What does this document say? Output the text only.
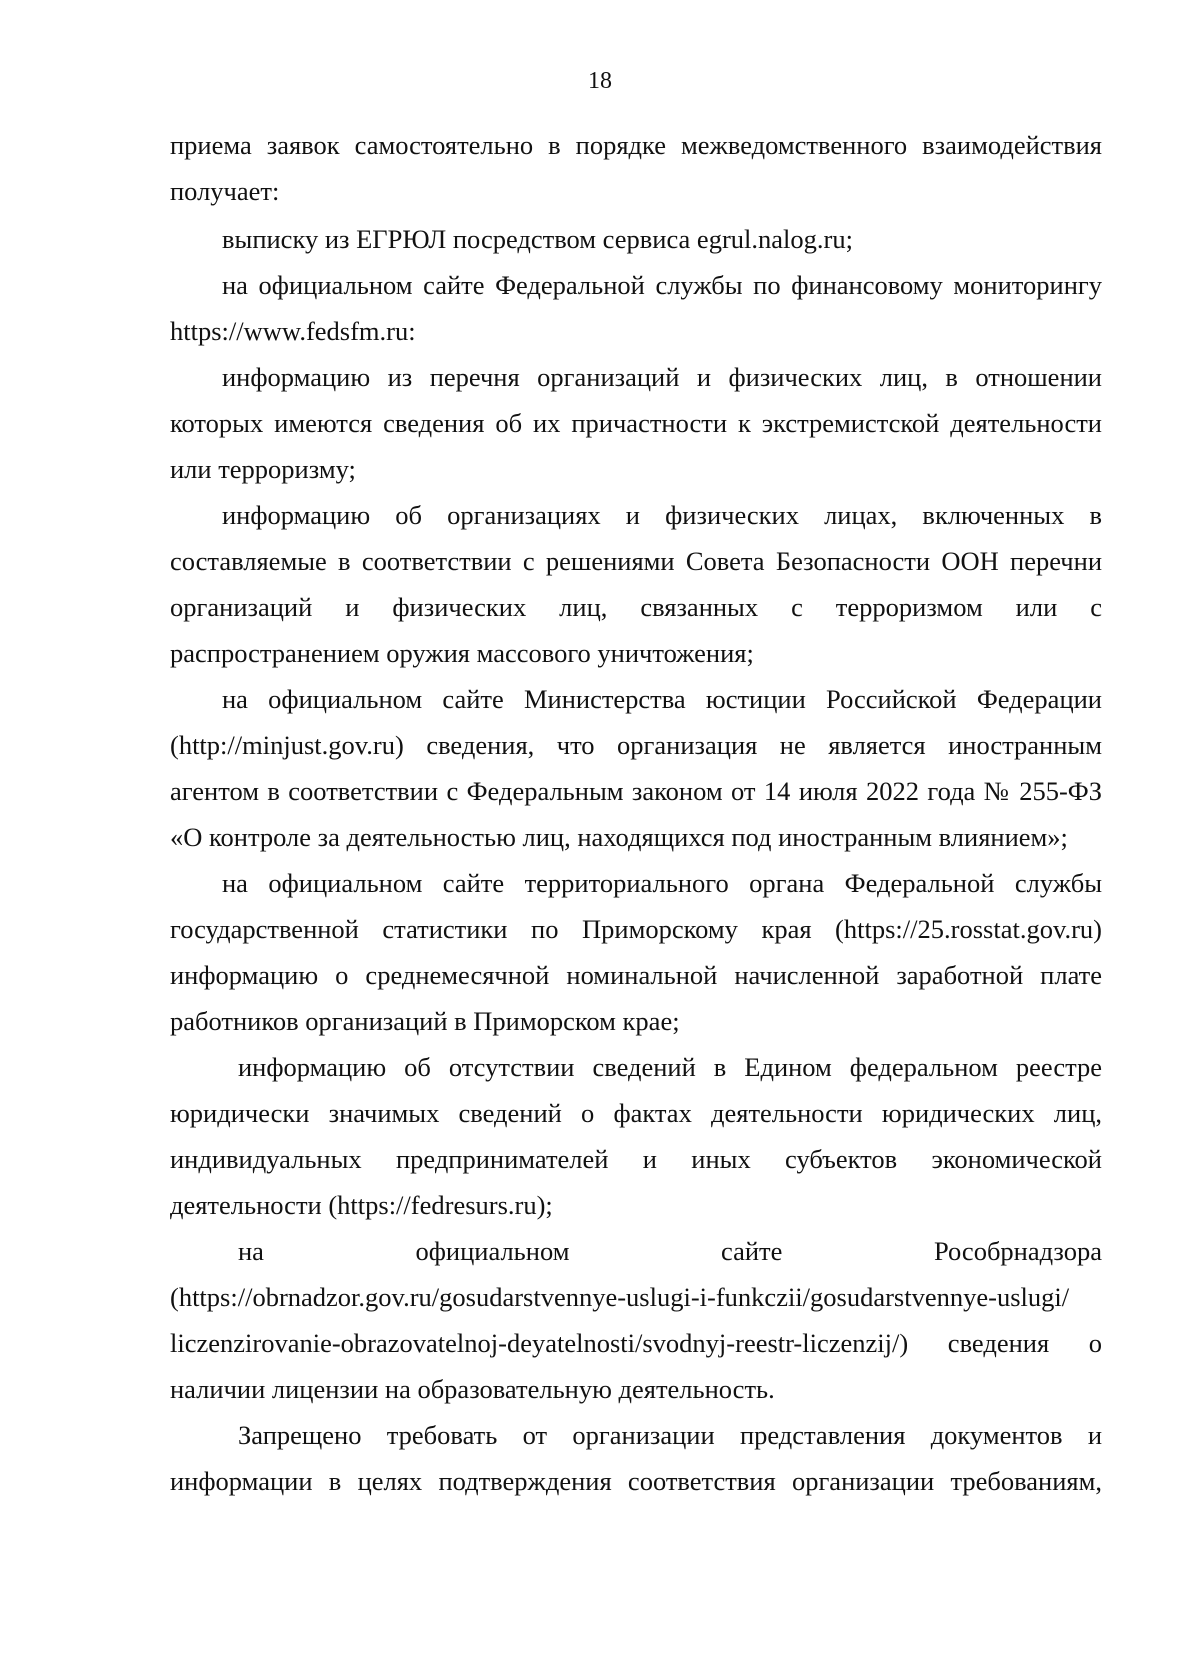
18
приема заявок самостоятельно в порядке межведомственного взаимодействия
получает:
выписку из ЕГРЮЛ посредством сервиса egrul.nalog.ru;
на официальном сайте Федеральной службы по финансовому мониторингу
https://www.fedsfm.ru:
информацию из перечня организаций и физических лиц, в отношении
которых имеются сведения об их причастности к экстремистской деятельности
или терроризму;
информацию об организациях и физических лицах, включенных в
составляемые в соответствии с решениями Совета Безопасности ООН перечни
организаций и физических лиц, связанных с терроризмом или с
распространением оружия массового уничтожения;
на официальном сайте Министерства юстиции Российской Федерации
(http://minjust.gov.ru) сведения, что организация не является иностранным
агентом в соответствии с Федеральным законом от 14 июля 2022 года № 255-ФЗ
«О контроле за деятельностью лиц, находящихся под иностранным влиянием»;
на официальном сайте территориального органа Федеральной службы
государственной статистики по Приморскому края (https://25.rosstat.gov.ru)
информацию о среднемесячной номинальной начисленной заработной плате
работников организаций в Приморском крае;
информацию об отсутствии сведений в Едином федеральном реестре
юридически значимых сведений о фактах деятельности юридических лиц,
индивидуальных предпринимателей и иных субъектов экономической
деятельности (https://fedresurs.ru);
на официальном сайте Рособрнадзора
(https://obrnadzor.gov.ru/gosudarstvennye-uslugi-i-funkczii/gosudarstvennye-uslugi/
liczenzirovanie-obrazovatelnoj-deyatelnosti/svodnyj-reestr-liczenzij/) сведения о
наличии лицензии на образовательную деятельность.
Запрещено требовать от организации представления документов и
информации в целях подтверждения соответствия организации требованиям,
